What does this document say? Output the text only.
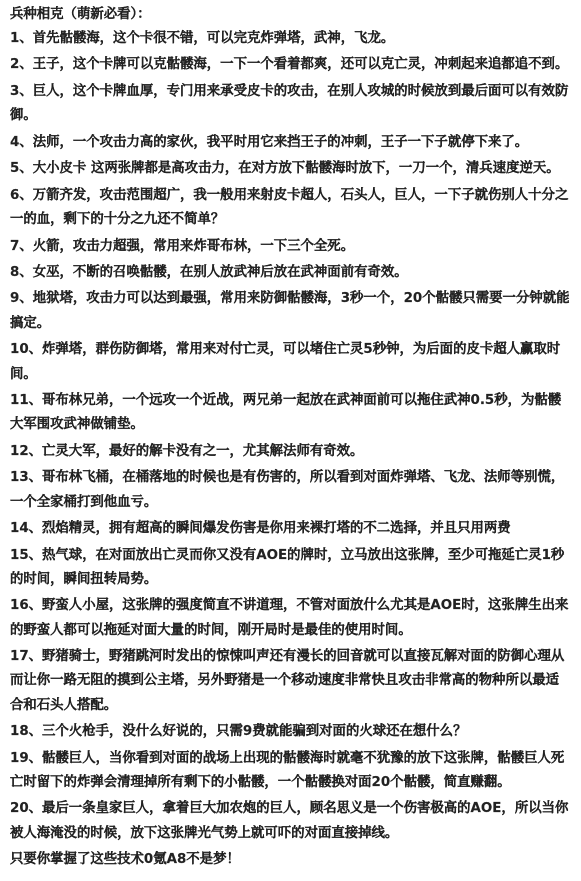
兵种相克（萌新必看）：

1、首先骷髅海，这个卡很不错，可以完克炸弹塔，武神，飞龙。
2、王子，这个卡牌可以克骷髅海，一下一个看着都爽，还可以克亡灵，冲刺起来追都追不到。
3、巨人，这个卡牌血厚，专门用来承受皮卡的攻击，在别人攻城的时候放到最后面可以有效防御。
4、法师，一个攻击力高的家伙，我平时用它来挡王子的冲刺，王子一下子就停下来了。
5、大小皮卡 这两张牌都是高攻击力，在对方放下骷髅海时放下，一刀一个，清兵速度逆天。
6、万箭齐发，攻击范围超广，我一般用来射皮卡超人，石头人，巨人，一下子就伤别人十分之一的血，剩下的十分之九还不简单？
7、火箭，攻击力超强，常用来炸哥布林，一下三个全死。
8、女巫，不断的召唤骷髅，在别人放武神后放在武神面前有奇效。
9、地狱塔，攻击力可以达到最强，常用来防御骷髅海，3秒一个，20个骷髅只需要一分钟就能搞定。
10、炸弹塔，群伤防御塔，常用来对付亡灵，可以堵住亡灵5秒钟，为后面的皮卡超人赢取时间。
11、哥布林兄弟，一个远攻一个近战，两兄弟一起放在武神面前可以拖住武神0.5秒，为骷髅大军围攻武神做铺垫。
12、亡灵大军，最好的解卡没有之一，尤其解法师有奇效。
13、哥布林飞桶，在桶落地的时候也是有伤害的，所以看到对面炸弹塔、飞龙、法师等别慌，一个全家桶打到他血亏。
14、烈焰精灵，拥有超高的瞬间爆发伤害是你用来裸打塔的不二选择，并且只用两费
15、热气球，在对面放出亡灵而你又没有AOE的牌时，立马放出这张牌，至少可拖延亡灵1秒的时间，瞬间扭转局势。
16、野蛮人小屋，这张牌的强度简直不讲道理，不管对面放什么尤其是AOE时，这张牌生出来的野蛮人都可以拖延对面大量的时间，刚开局时是最佳的使用时间。
17、野猪骑士，野猪跳河时发出的惊悚叫声还有漫长的回音就可以直接瓦解对面的防御心理从而让你一路无阻的摸到公主塔，另外野猪是一个移动速度非常快且攻击非常高的物种所以最适合和石头人搭配。
18、三个火枪手，没什么好说的，只需9费就能骗到对面的火球还在想什么？
19、骷髅巨人，当你看到对面的战场上出现的骷髅海时就毫不犹豫的放下这张牌，骷髅巨人死亡时留下的炸弹会清理掉所有剩下的小骷髅，一个骷髅换对面20个骷髅，简直赚翻。
20、最后一条皇家巨人，拿着巨大加农炮的巨人，顾名思义是一个伤害极高的AOE，所以当你被人海淹没的时候，放下这张牌光气势上就可吓的对面直接掉线。

只要你掌握了这些技术0氪A8不是梦！
